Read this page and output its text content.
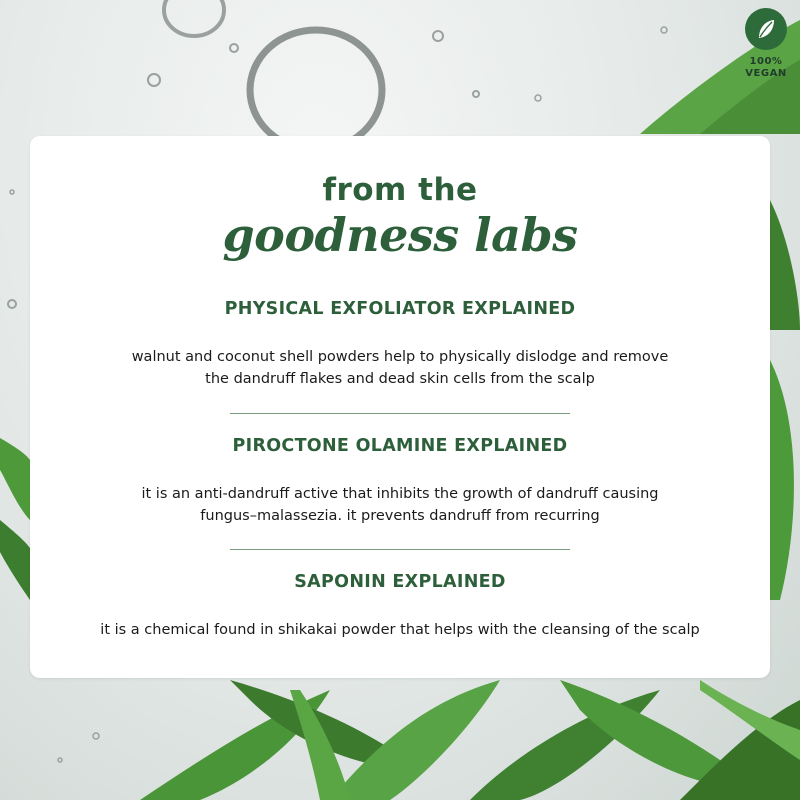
100%
VEGAN
from the
goodness labs
PHYSICAL EXFOLIATOR EXPLAINED
walnut and coconut shell powders help to physically dislodge and remove
the dandruff flakes and dead skin cells from the scalp
PIROCTONE OLAMINE EXPLAINED
it is an anti-dandruff active that inhibits the growth of dandruff causing
fungus–malassezia. it prevents dandruff from recurring
SAPONIN EXPLAINED
it is a chemical found in shikakai powder that helps with the cleansing of the scalp
